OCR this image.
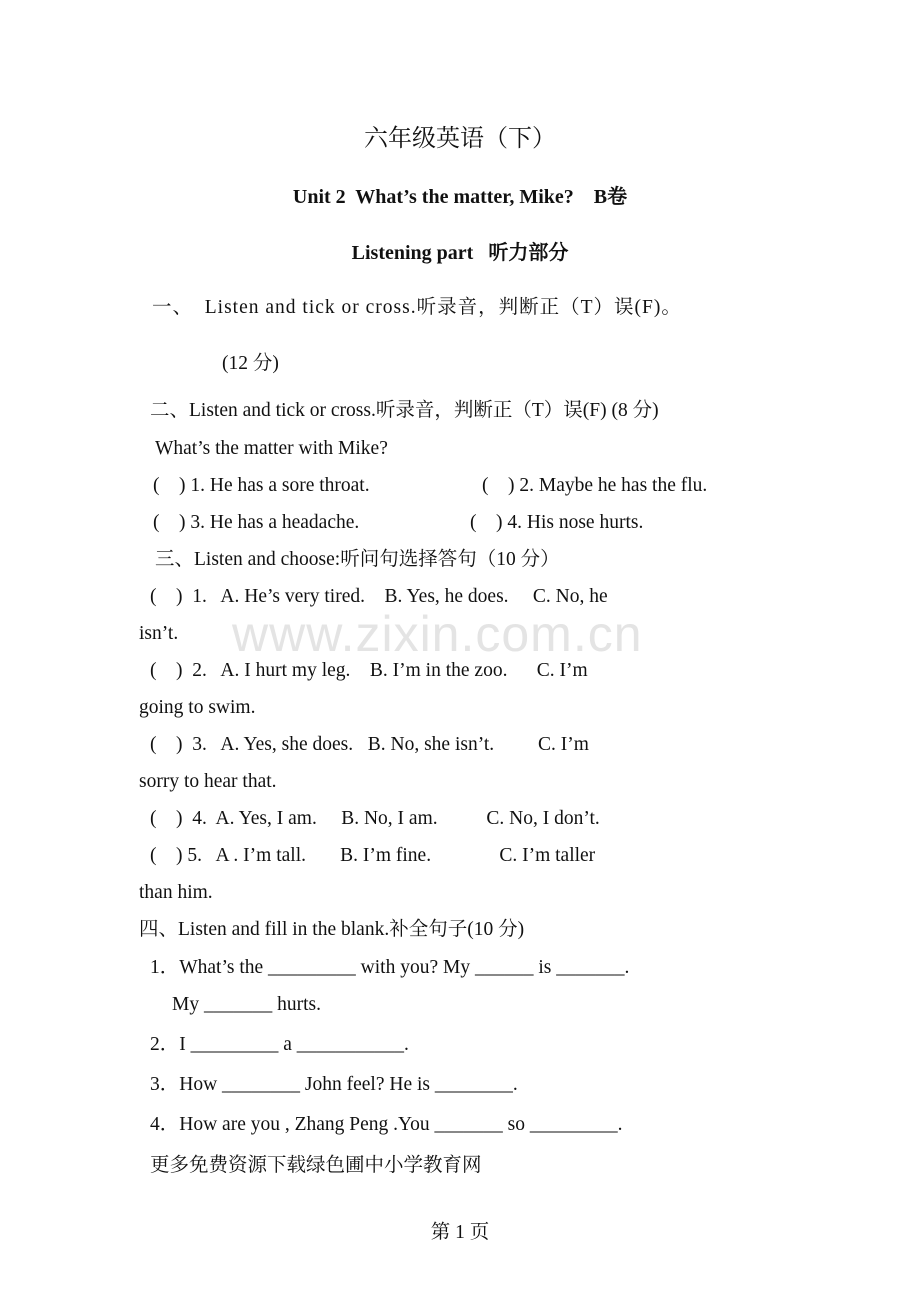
www.zixin.com.cn
六年级英语（下）
Unit 2  What’s the matter, Mike?    B卷
Listening part   听力部分
一、  Listen and tick or cross.听录音，判断正（T）误(F)。
(12 分)
二、Listen and tick or cross.听录音，判断正（T）误(F) (8 分)
What’s the matter with Mike?
(    ) 1. He has a sore throat.	(    ) 2. Maybe he has the flu.
(    ) 3. He has a headache.	(    ) 4. His nose hurts.
三、Listen and choose:听问句选择答句（10 分）
(    )  1.   A. He’s very tired.    B. Yes, he does.     C. No, he
isn’t.
(    )  2.   A. I hurt my leg.    B. I’m in the zoo.      C. I’m
going to swim.
(    )  3.   A. Yes, she does.   B. No, she isn’t.         C. I’m
sorry to hear that.
(    )  4.  A. Yes, I am.     B. No, I am.          C. No, I don’t.
(    ) 5.   A . I’m tall.       B. I’m fine.              C. I’m taller
than him.
四、Listen and fill in the blank.补全句子(10 分)
1．What’s the _________ with you? My ______ is _______.
My _______ hurts.
2．I _________ a ___________.
3．How ________ John feel? He is ________.
4．How are you , Zhang Peng .You _______ so _________.
更多免费资源下载绿色圃中小学教育网
第 1 页
